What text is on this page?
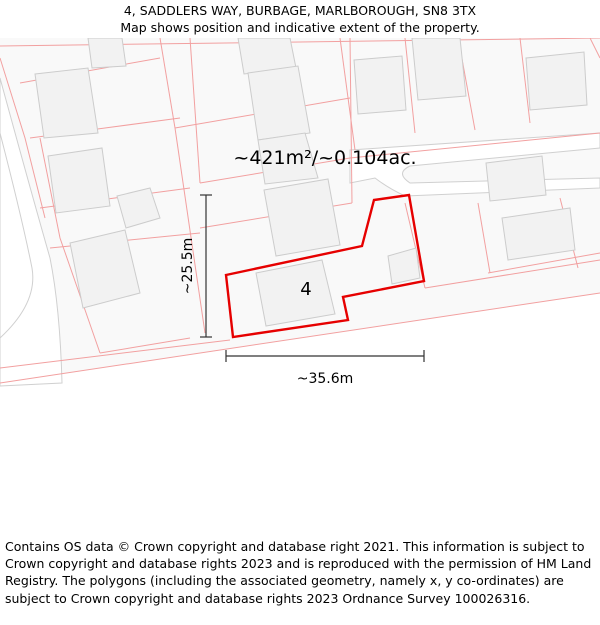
4, SADDLERS WAY, BURBAGE, MARLBOROUGH, SN8 3TX
Map shows position and indicative extent of the property.
~421m²/~0.104ac.
4
~25.5m
~35.6m
Contains OS data © Crown copyright and database right 2021. This information is subject to Crown copyright and database rights 2023 and is reproduced with the permission of HM Land Registry. The polygons (including the associated geometry, namely x, y co-ordinates) are subject to Crown copyright and database rights 2023 Ordnance Survey 100026316.
